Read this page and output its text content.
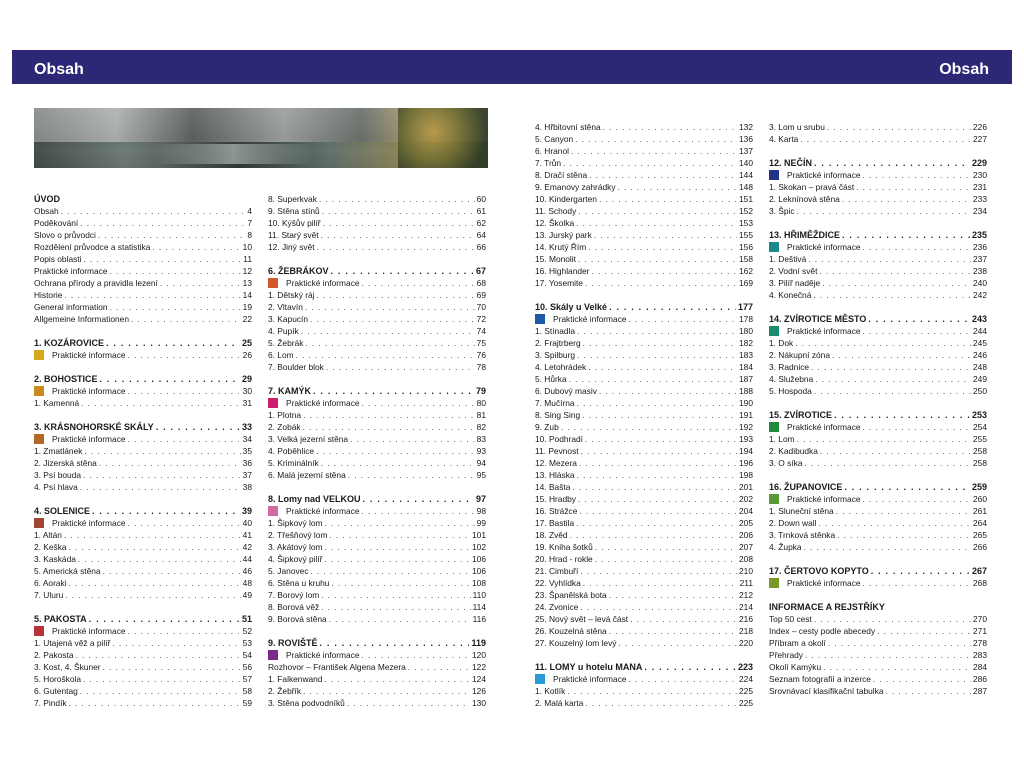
Obsah	Obsah
ÚVOD
Obsah . . .	4
Poděkování . . .	7
Slovo o průvodci . . .	8
Rozdělení průvodce a statistika . . .	10
Popis oblasti . . .	11
Praktické informace . . .	12
Ochrana přírody a pravidla lezení . . .	13
Historie . . .	14
General information . . .	19
Allgemeine Informationen . . .	22
1. KOZÁROVICE . . .	25
Praktické informace . . .	26
2. BOHOSTICE . . .	29
Praktické informace . . .	30
1. Kamenná . . .	31
3. KRÁSNOHORSKÉ SKÁLY . . .	33
Praktické informace . . .	34
1. Zmatlánek . . .	35
2. Jizerská stěna . . .	36
3. Psí bouda . . .	37
4. Psí hlava . . .	38
4. SOLENICE . . .	39
Praktické informace . . .	40
1. Altán . . .	41
2. Keška . . .	42
3. Kaskáda . . .	44
5. Americká stěna . . .	46
6. Aoraki . . .	48
7. Uluru . . .	49
5. PAKOSTA . . .	51
Praktické informace . . .	52
1. Utajená věž a pilíř . . .	53
2. Pakosta . . .	54
3. Kost, 4. Škuner . . .	56
5. Horoškola . . .	57
6. Gutentag . . .	58
7. Pindík . . .	59
8. Superkvak . . .	60
9. Stěna stínů . . .	61
10. Kýšův pilíř . . .	62
11. Starý svět . . .	64
12. Jiný svět . . .	66
6. ŽEBRÁKOV . . .	67
Praktické informace . . .	68
1. Dětský ráj . . .	69
2. Vltavín . . .	70
3. Kapucín . . .	72
4. Pupík . . .	74
5. Žebrák . . .	75
6. Lom . . .	76
7. Boulder blok . . .	78
7. KAMÝK . . .	79
Praktické informace . . .	80
1. Plotna . . .	81
2. Zobák . . .	82
3. Velká jezerní stěna . . .	83
4. Poběhlice . . .	93
5. Kriminálník . . .	94
6. Malá jezerní stěna . . .	95
8. Lomy nad VELKOU . . .	97
Praktické informace . . .	98
1. Šipkový lom . . .	99
2. Třešňový lom . . .	101
3. Akátový lom . . .	102
4. Šipkový pilíř . . .	106
5. Janovec . . .	106
6. Stěna u kruhu . . .	108
7. Borový lom . . .	110
8. Borová věž . . .	114
9. Borová stěna . . .	116
9. ROVIŠTĚ . . .	119
Praktické informace . . .	120
Rozhovor – František Algena Mezera . . .	122
1. Falkenwand . . .	124
2. Žebřík . . .	126
3. Stěna podvodníků . . .	130
4. Hřbitovní stěna . . .	132
5. Canyon . . .	136
6. Hranol . . .	137
7. Trůn . . .	140
8. Dračí stěna . . .	144
9. Emanovy zahrádky . . .	148
10. Kindergarten . . .	151
11. Schody . . .	152
12. Školka . . .	153
13. Jurský park . . .	155
14. Krutý Řím . . .	156
15. Monolit . . .	158
16. Highlander . . .	162
17. Yosemite . . .	169
10. Skály u Velké . . .	177
Praktické informace . . .	178
1. Stínadla . . .	180
2. Frajtrberg . . .	182
3. Spilburg . . .	183
4. Letohrádek . . .	184
5. Hůrka . . .	187
6. Dubový masiv . . .	188
7. Mučírna . . .	190
8. Sing Sing . . .	191
9. Zub . . .	192
10. Podhradí . . .	193
11. Pevnost . . .	194
12. Mezera . . .	196
13. Hláska . . .	198
14. Bašta . . .	201
15. Hradby . . .	202
16. Strážce . . .	204
17. Bastila . . .	205
18. Zvěd . . .	206
19. Kniha šotků . . .	207
20. Hrad - rokle . . .	208
21. Cimbuří . . .	210
22. Vyhlídka . . .	211
23. Španělská bota . . .	212
24. Zvonice . . .	214
25. Nový svět – levá část . . .	216
26. Kouzelná stěna . . .	218
27. Kouzelný lom levý . . .	220
11. LOMY u hotelu MANA . . .	223
Praktické informace . . .	224
1. Kotlík . . .	225
2. Malá karta . . .	225
3. Lom u srubu . . .	226
4. Karta . . .	227
12. NEČÍN . . .	229
Praktické informace . . .	230
1. Skokan – pravá část . . .	231
2. Leknínová stěna . . .	233
3. Špic . . .	234
13. HŘIMĚŽDICE . . .	235
Praktické informace . . .	236
1. Deštivá . . .	237
2. Vodní svět . . .	238
3. Pilíř naděje . . .	240
4. Konečná . . .	242
14. ZVÍROTICE MĚSTO . . .	243
Praktické informace . . .	244
1. Dok . . .	245
2. Nákupní zóna . . .	246
3. Radnice . . .	248
4. Služebna . . .	249
5. Hospoda . . .	250
15. ZVÍROTICE . . .	253
Praktické informace . . .	254
1. Lom . . .	255
2. Kadibudka . . .	258
3. O síka . . .	258
16. ŽUPANOVICE . . .	259
Praktické informace . . .	260
1. Sluneční stěna . . .	261
2. Down wall . . .	264
3. Trnková stěnka . . .	265
4. Župka . . .	266
17. ČERTOVO KOPYTO . . .	267
Praktické informace . . .	268
INFORMACE A REJSTŘÍKY
Top 50 cest . . .	270
Index – cesty podle abecedy . . .	271
Příbram a okolí . . .	278
Přehrady . . .	283
Okolí Kamýku . . .	284
Seznam fotografií a inzerce . . .	286
Srovnávací klasifikační tabulka . . .	287
